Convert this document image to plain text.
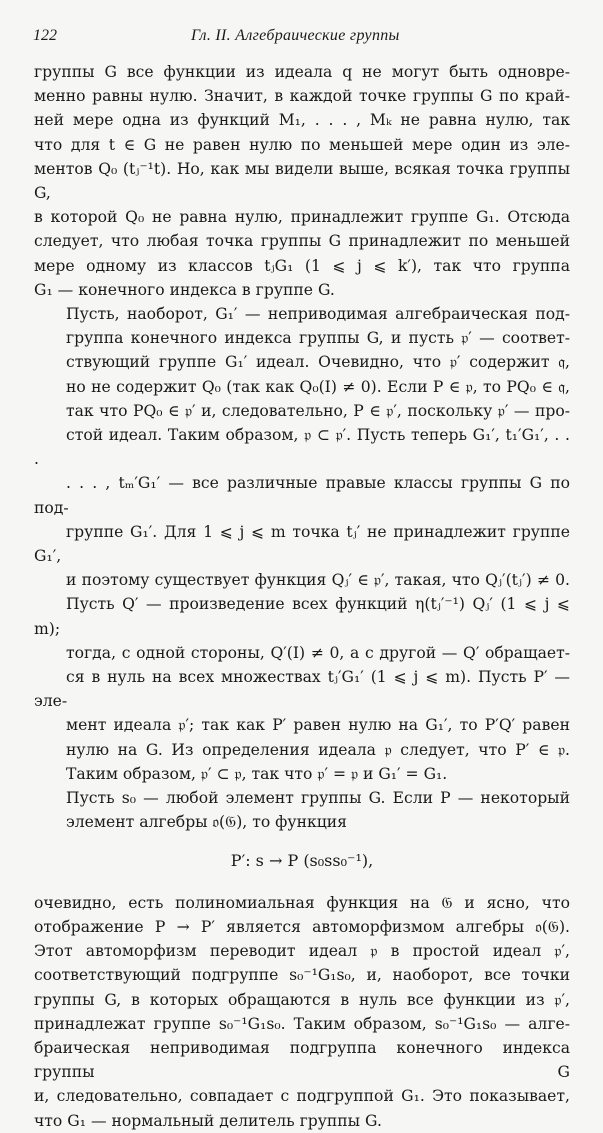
122	Гл. II. Алгебраические группы

группы G все функции из идеала q не могут быть одновре-
менно равны нулю. Значит, в каждой точке группы G по край-
ней мере одна из функций M₁, . . . , Mₖ не равна нулю, так
что для t ∈ G не равен нулю по меньшей мере один из эле-
ментов Q₀ (tⱼ⁻¹t). Но, как мы видели выше, всякая точка группы G,
в которой Q₀ не равна нулю, принадлежит группе G₁. Отсюда
следует, что любая точка группы G принадлежит по меньшей
мере одному из классов tⱼG₁ (1 ⩽ j ⩽ k′), так что группа
G₁ — конечного индекса в группе G.

Пусть, наоборот, G₁′ — неприводимая алгебраическая под-
группа конечного индекса группы G, и пусть 𝔭′ — соответ-
ствующий группе G₁′ идеал. Очевидно, что 𝔭′ содержит 𝔮,
но не содержит Q₀ (так как Q₀(I) ≠ 0). Если P ∈ 𝔭, то PQ₀ ∈ 𝔮,
так что PQ₀ ∈ 𝔭′ и, следовательно, P ∈ 𝔭′, поскольку 𝔭′ — про-
стой идеал. Таким образом, 𝔭 ⊂ 𝔭′. Пусть теперь G₁′, t₁′G₁′, . . .
. . . , tₘ′G₁′ — все различные правые классы группы G по под-
группе G₁′. Для 1 ⩽ j ⩽ m точка tⱼ′ не принадлежит группе G₁′,
и поэтому существует функция Qⱼ′ ∈ 𝔭′, такая, что Qⱼ′(tⱼ′) ≠ 0.
Пусть Q′ — произведение всех функций η(tⱼ′⁻¹) Qⱼ′ (1 ⩽ j ⩽ m);
тогда, с одной стороны, Q′(I) ≠ 0, а с другой — Q′ обращает-
ся в нуль на всех множествах tⱼ′G₁′ (1 ⩽ j ⩽ m). Пусть P′ — эле-
мент идеала 𝔭′; так как P′ равен нулю на G₁′, то P′Q′ равен
нулю на G. Из определения идеала 𝔭 следует, что P′ ∈ 𝔭.
Таким образом, 𝔭′ ⊂ 𝔭, так что 𝔭′ = 𝔭 и G₁′ = G₁.

Пусть s₀ — любой элемент группы G. Если P — некоторый
элемент алгебры 𝔬(𝔊), то функция

P′: s → P (s₀ss₀⁻¹),

очевидно, есть полиномиальная функция на 𝔊 и ясно, что
отображение P → P′ является автоморфизмом алгебры 𝔬(𝔊).
Этот автоморфизм переводит идеал 𝔭 в простой идеал 𝔭′,
соответствующий подгруппе s₀⁻¹G₁s₀, и, наоборот, все точки
группы G, в которых обращаются в нуль все функции из 𝔭′,
принадлежат группе s₀⁻¹G₁s₀. Таким образом, s₀⁻¹G₁s₀ — алге-
браическая неприводимая подгруппа конечного индекса группы G
и, следовательно, совпадает с подгруппой G₁. Это показывает,
что G₁ — нормальный делитель группы G.
